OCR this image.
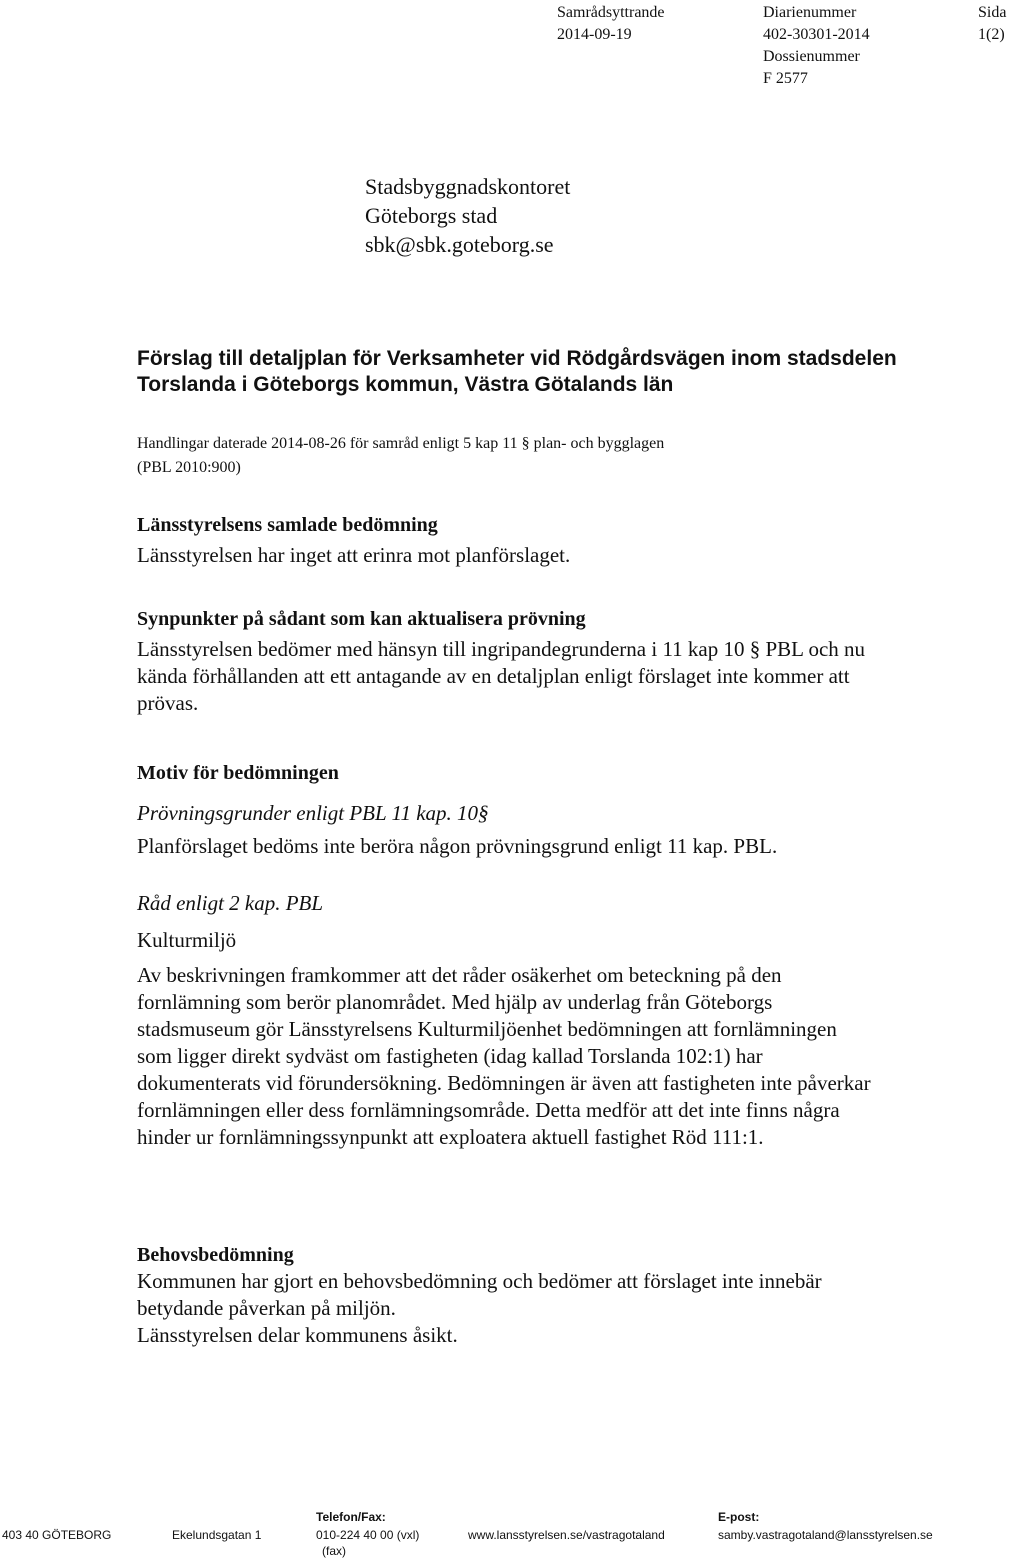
Samrådsyttrande
2014-09-19
Diarienummer
402-30301-2014
Dossienummer
F 2577
Sida
1(2)
Stadsbyggnadskontoret
Göteborgs stad
sbk@sbk.goteborg.se
Förslag till detaljplan för Verksamheter vid Rödgårdsvägen inom stadsdelen Torslanda i Göteborgs kommun, Västra Götalands län
Handlingar daterade 2014-08-26 för samråd enligt 5 kap 11 § plan- och bygglagen
(PBL 2010:900)
Länsstyrelsens samlade bedömning

Länsstyrelsen har inget att erinra mot planförslaget.

Synpunkter på sådant som kan aktualisera prövning

Länsstyrelsen bedömer med hänsyn till ingripandegrunderna i 11 kap 10 § PBL och nu kända förhållanden att ett antagande av en detaljplan enligt förslaget inte kommer att prövas.

Motiv för bedömningen

Prövningsgrunder enligt PBL 11 kap. 10§

Planförslaget bedöms inte beröra någon prövningsgrund enligt 11 kap. PBL.

Råd enligt 2 kap. PBL

Kulturmiljö

Av beskrivningen framkommer att det råder osäkerhet om beteckning på den fornlämning som berör planområdet. Med hjälp av underlag från Göteborgs stadsmuseum gör Länsstyrelsens Kulturmiljöenhet bedömningen att fornlämningen som ligger direkt sydväst om fastigheten (idag kallad Torslanda 102:1) har dokumenterats vid förundersökning. Bedömningen är även att fastigheten inte påverkar fornlämningen eller dess fornlämningsområde. Detta medför att det inte finns några hinder ur fornlämningssynpunkt att exploatera aktuell fastighet Röd 111:1.

Behovsbedömning

Kommunen har gjort en behovsbedömning och bedömer att förslaget inte innebär betydande påverkan på miljön.

Länsstyrelsen delar kommunens åsikt.

403 40 GÖTEBORG	Ekelundsgatan 1
Telefon/Fax:
010-224 40 00 (vxl)
(fax)
www.lansstyrelsen.se/vastragotaland
E-post:
samby.vastragotaland@lansstyrelsen.se
